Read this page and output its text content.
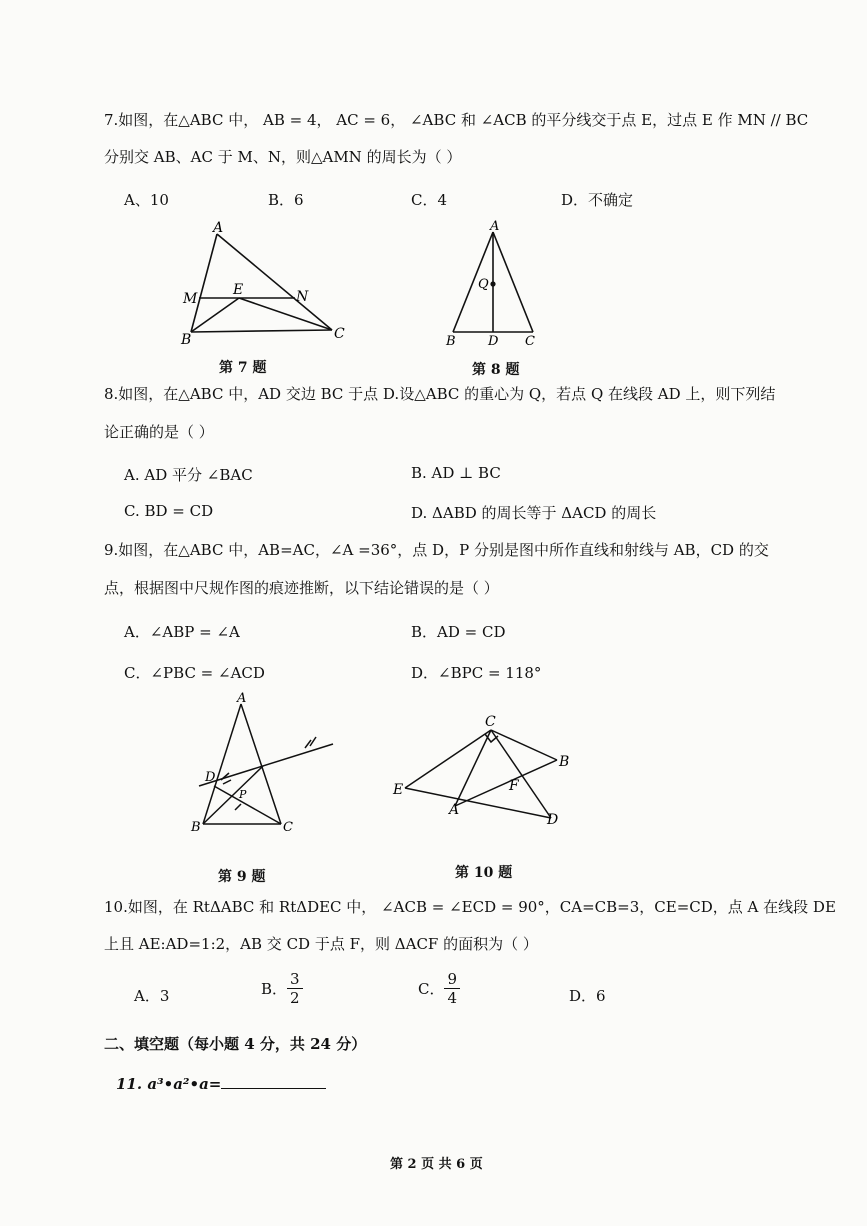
7.如图，在△ABC 中， AB = 4， AC = 6， ∠ABC 和 ∠ACB 的平分线交于点 E，过点 E 作 MN // BC
分别交 AB、AC 于 M、N，则△AMN 的周长为（ ）
A、10	B．6	C．4	D．不确定
A
B	C
M	N
E
第 7 题
A
Q
B D C
第 8 题
8.如图，在△ABC 中，AD 交边 BC 于点 D.设△ABC 的重心为 Q，若点 Q 在线段 AD 上，则下列结
论正确的是（ ）
A. AD 平分 ∠BAC	B. AD ⊥ BC
C. BD = CD	D. ΔABD 的周长等于 ΔACD 的周长
9.如图，在△ABC 中，AB=AC，∠A =36°，点 D，P 分别是图中所作直线和射线与 AB，CD 的交
点，根据图中尺规作图的痕迹推断，以下结论错误的是（ ）
A．∠ABP = ∠A	B．AD = CD
C．∠PBC = ∠ACD	D．∠BPC = 118°
A
D
P
B	C
第 9 题
C
B
E
A
F
D
第 10 题
10.如图，在 RtΔABC 和 RtΔDEC 中， ∠ACB = ∠ECD = 90°，CA=CB=3，CE=CD，点 A 在线段 DE
上且 AE:AD=1:2，AB 交 CD 于点 F，则 ΔACF 的面积为（ ）
A．3	B． $\frac{3}{2}$	C． $\frac{9}{4}$	D．6
二、填空题（每小题 4 分，共 24 分）
11. a³•a²•a=
第 2 页 共 6 页
